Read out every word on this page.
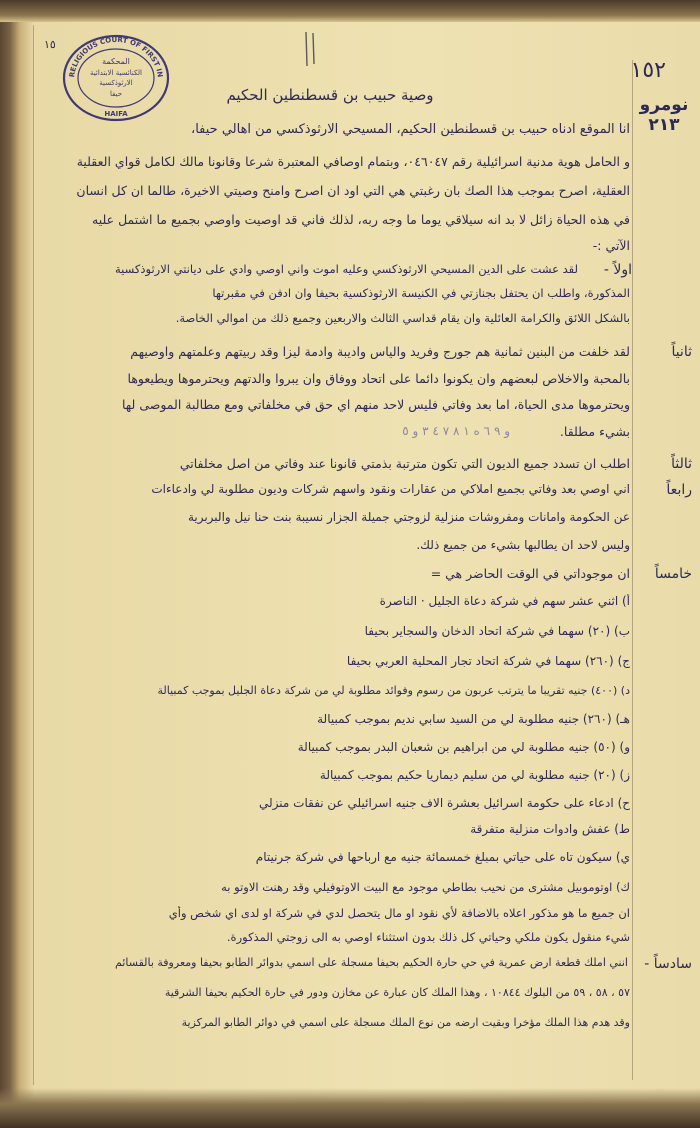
RELIGIOUS COURT OF FIRST IN
المحكمة
الكنائسية الابتدائية
الارثوذكسية
حيفا
HAIFA
١٥
١٥٢
نومرو
٢١٣
وصية حبيب بن قسطنطين الحكيم
انا الموقع ادناه حبيب بن قسطنطين الحكيم، المسيحي الارثوذكسي من اهالي حيفا،
و الحامل هوية مدنية اسرائيلية رقم ٠٤٦٠٤٧، وبتمام اوصافي المعتبرة شرعا وقانونا مالك لكامل قواي العقلية
العقلية، اصرح بموجب هذا الصك بان رغبتي هي التي اود ان اصرح وامنح وصيتي الاخيرة، طالما ان كل انسان
في هذه الحياة زائل لا بد انه سيلاقي يوما ما وجه ربه، لذلك فاني قد اوصيت واوصي بجميع ما اشتمل عليه
الآتي :-
اولاً -
لقد عشت على الدين المسيحي الارثوذكسي وعليه اموت واني اوصي وادي على ديانتي الارثوذكسية
المذكورة، واطلب ان يحتفل بجنازتي في الكنيسة الارثوذكسية بحيفا وان ادفن في مقبرتها
بالشكل اللائق والكرامة العائلية وان يقام قداسي الثالث والاربعين وجميع ذلك من اموالي الخاصة.
ثانياً
لقد خلفت من البنين ثمانية هم جورج وفريد والياس واديبة وادمة ليزا وقد ربيتهم وعلمتهم واوصيهم
بالمحبة والاخلاص لبعضهم وان يكونوا دائما على اتحاد ووفاق وان يبروا والدتهم ويحترموها ويطيعوها
ويحترموها مدى الحياة، اما بعد وفاتي فليس لاحد منهم اي حق في مخلفاتي ومع مطالبة الموصى لها
بشيء مطلقا.
و ٩ ٦ ه ١ ٨ ٧ ٤ ٣ و ٥
ثالثاً
اطلب ان تسدد جميع الديون التي تكون مترتبة بذمتي قانونا عند وفاتي من اصل مخلفاتي
رابعاً
اني اوصي بعد وفاتي بجميع املاكي من عقارات ونقود واسهم شركات وديون مطلوبة لي وادعاءات
عن الحكومة وامانات ومفروشات منزلية لزوجتي جميلة الجزار نسيبة بنت حنا نيل والبربرية
وليس لاحد ان يطالبها بشيء من جميع ذلك.
خامساً
ان موجوداتي في الوقت الحاضر هي =
أ) اثني عشر سهم في شركة دعاة الجليل · الناصرة
ب) (٢٠) سهما في شركة اتحاد الدخان والسجاير بحيفا
ج) (٢٦٠) سهما في شركة اتحاد تجار المحلية العربي بحيفا
د) (٤٠٠) جنيه تقريبا ما يترتب عربون من رسوم وفوائد مطلوبة لي من شركة دعاة الجليل بموجب كمبيالة
هـ) (٢٦٠) جنيه مطلوبة لي من السيد سابي نديم بموجب كمبيالة
و) (٥٠) جنيه مطلوبة لي من ابراهيم بن شعبان البدر بموجب كمبيالة
ز) (٢٠) جنيه مطلوبة لي من سليم ديماريا حكيم بموجب كمبيالة
ح) ادعاء على حكومة اسرائيل بعشرة الاف جنيه اسرائيلي عن نفقات منزلي
ط) عفش وادوات منزلية متفرقة
ي) سيكون تاه على حياتي بمبلغ خمسمائة جنيه مع ارباحها في شركة جرنيتام
ك) اوتوموبيل مشترى من نحيب بطاطي موجود مع البيت الاوتوفيلي وقد رهنت الاوتو به
ان جميع ما هو مذكور اعلاه بالاضافة لأي نقود او مال يتحصل لدي في شركة او لدى اي شخص وأي
شيء منقول يكون ملكي وحياتي كل ذلك بدون استثناء اوصي به الى زوجتي المذكورة.
سادساً -
انني املك قطعة ارض عمرية في حي حارة الحكيم بحيفا مسجلة على اسمي بدوائر الطابو بحيفا ومعروفة بالقسائم
٥٧ ، ٥٨ ، ٥٩ من البلوك ١٠٨٤٤ ، وهذا الملك كان عبارة عن مخازن ودور في حارة الحكيم بحيفا الشرقية
وقد هدم هذا الملك مؤخرا وبقيت ارضه من نوع الملك مسجلة على اسمي في دوائر الطابو المركزية
